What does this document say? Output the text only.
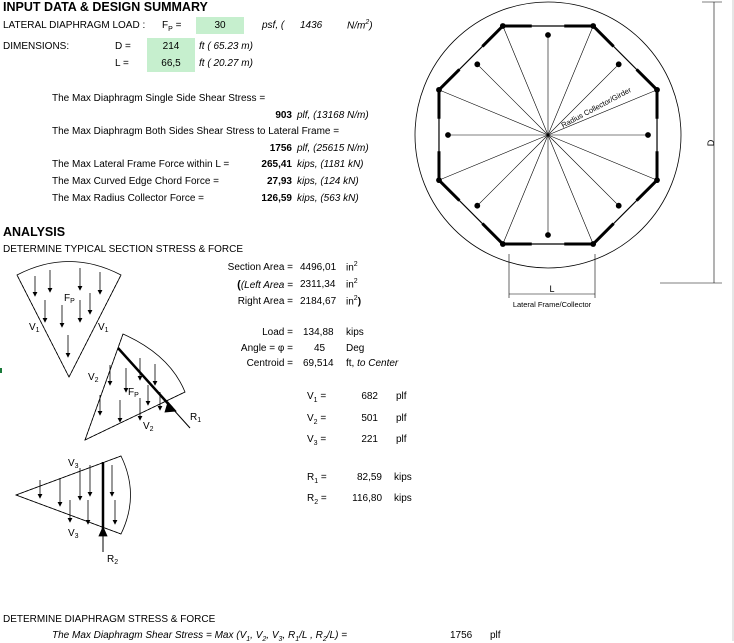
INPUT DATA & DESIGN SUMMARY
LATERAL DIAPHRAGM LOAD : $F_P$ =	30	psf, ( 1436 $N/m^2$)
DIMENSIONS:	D =	214	ft ( 65.23 m)
L =	66,5	ft ( 20.27 m)
The Max Diaphragm Single Side Shear Stress =
903 plf, (13168 N/m)
The Max Diaphragm Both Sides Shear Stress to Lateral Frame =
1756 plf, (25615 N/m)
The Max Lateral Frame Force within L =	265,41 kips, (1181 kN)
The Max Curved Edge Chord Force =	27,93 kips, (124 kN)
The Max Radius Collector Force =	126,59 kips, (563 kN)
ANALYSIS
DETERMINE TYPICAL SECTION STRESS & FORCE
Section Area = 4496,01 $in^2$
((Left Area = 2311,34 $in^2$
Right Area = 2184,67 $in^2$)
Load = 134,88 kips
Angle = φ = 45 Deg
Centroid = 69,514 ft, to Center
$V_1$ =	682 plf
$V_2$ =	501 plf
$V_3$ =	221 plf
$R_1$ =	82,59 kips
$R_2$ =	116,80 kips
DETERMINE DIAPHRAGM STRESS & FORCE
The Max Diaphragm Shear Stress = Max ($V_1$, $V_2$, $V_3$, $R_1/L$ , $R_2/L$) =	1756 plf
D
L
Lateral Frame/Collector
Radius Collector/Girder
$F_P$
$V_1$	$V_1$
$F_P$
$V_2$
$V_2$
$R_1$
$V_3$
$V_3$
$R_2$
